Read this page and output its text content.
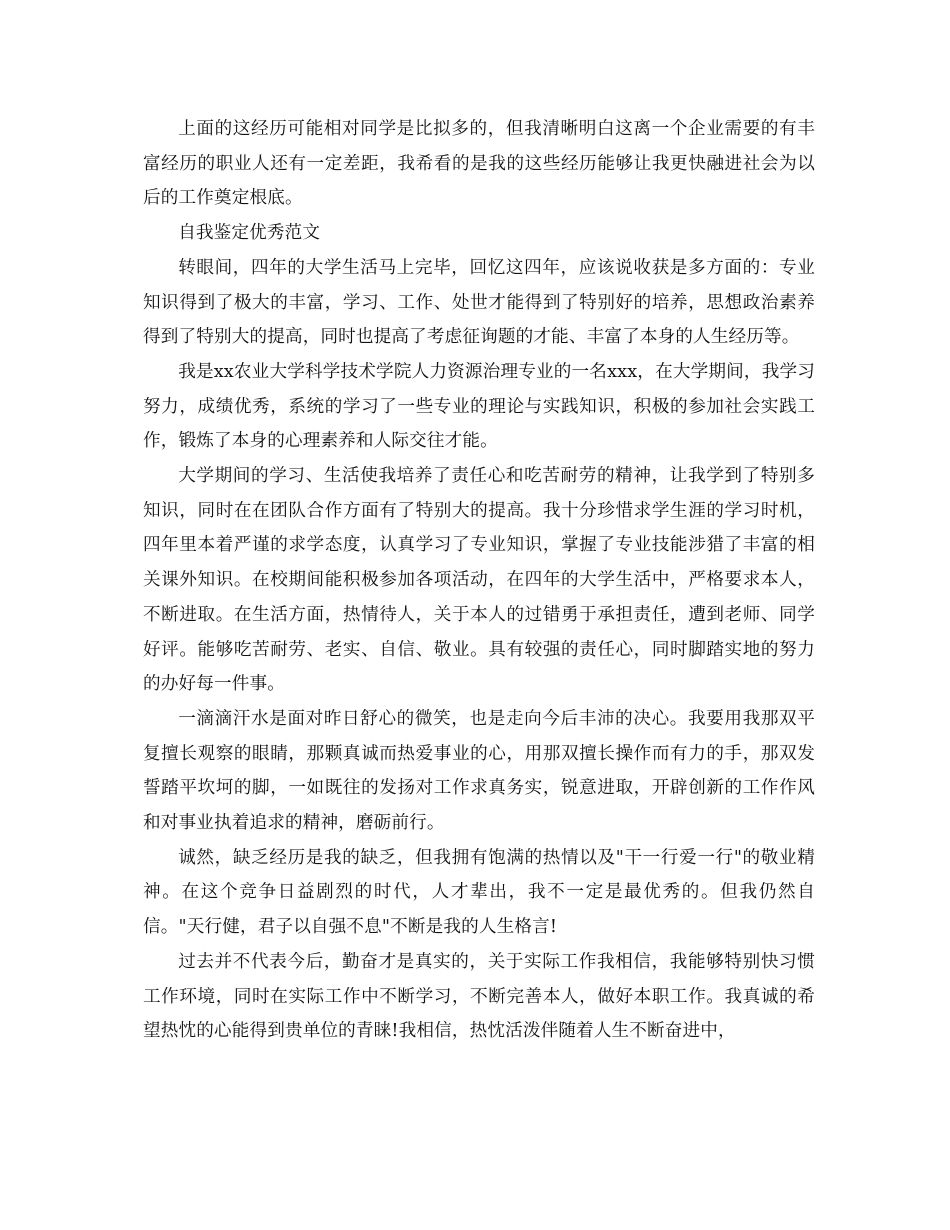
上面的这经历可能相对同学是比拟多的，但我清晰明白这离一个企业需要的有丰富经历的职业人还有一定差距，我希看的是我的这些经历能够让我更快融进社会为以后的工作奠定根底。

自我鉴定优秀范文

转眼间，四年的大学生活马上完毕，回忆这四年，应该说收获是多方面的：专业知识得到了极大的丰富，学习、工作、处世才能得到了特别好的培养，思想政治素养得到了特别大的提高，同时也提高了考虑征询题的才能、丰富了本身的人生经历等。

我是xx农业大学科学技术学院人力资源治理专业的一名xxx，在大学期间，我学习努力，成绩优秀，系统的学习了一些专业的理论与实践知识，积极的参加社会实践工作，锻炼了本身的心理素养和人际交往才能。

大学期间的学习、生活使我培养了责任心和吃苦耐劳的精神，让我学到了特别多知识，同时在在团队合作方面有了特别大的提高。我十分珍惜求学生涯的学习时机，四年里本着严谨的求学态度，认真学习了专业知识，掌握了专业技能涉猎了丰富的相关课外知识。在校期间能积极参加各项活动，在四年的大学生活中，严格要求本人，不断进取。在生活方面，热情待人，关于本人的过错勇于承担责任，遭到老师、同学好评。能够吃苦耐劳、老实、自信、敬业。具有较强的责任心，同时脚踏实地的努力的办好每一件事。

一滴滴汗水是面对昨日舒心的微笑，也是走向今后丰沛的决心。我要用我那双平复擅长观察的眼睛，那颗真诚而热爱事业的心，用那双擅长操作而有力的手，那双发誓踏平坎坷的脚，一如既往的发扬对工作求真务实，锐意进取，开辟创新的工作作风和对事业执着追求的精神，磨砺前行。

诚然，缺乏经历是我的缺乏，但我拥有饱满的热情以及"干一行爱一行"的敬业精神。在这个竞争日益剧烈的时代，人才辈出，我不一定是最优秀的。但我仍然自信。"天行健，君子以自强不息"不断是我的人生格言!

过去并不代表今后，勤奋才是真实的，关于实际工作我相信，我能够特别快习惯工作环境，同时在实际工作中不断学习，不断完善本人，做好本职工作。我真诚的希望热忱的心能得到贵单位的青睐!我相信，热忱活泼伴随着人生不断奋进中，
